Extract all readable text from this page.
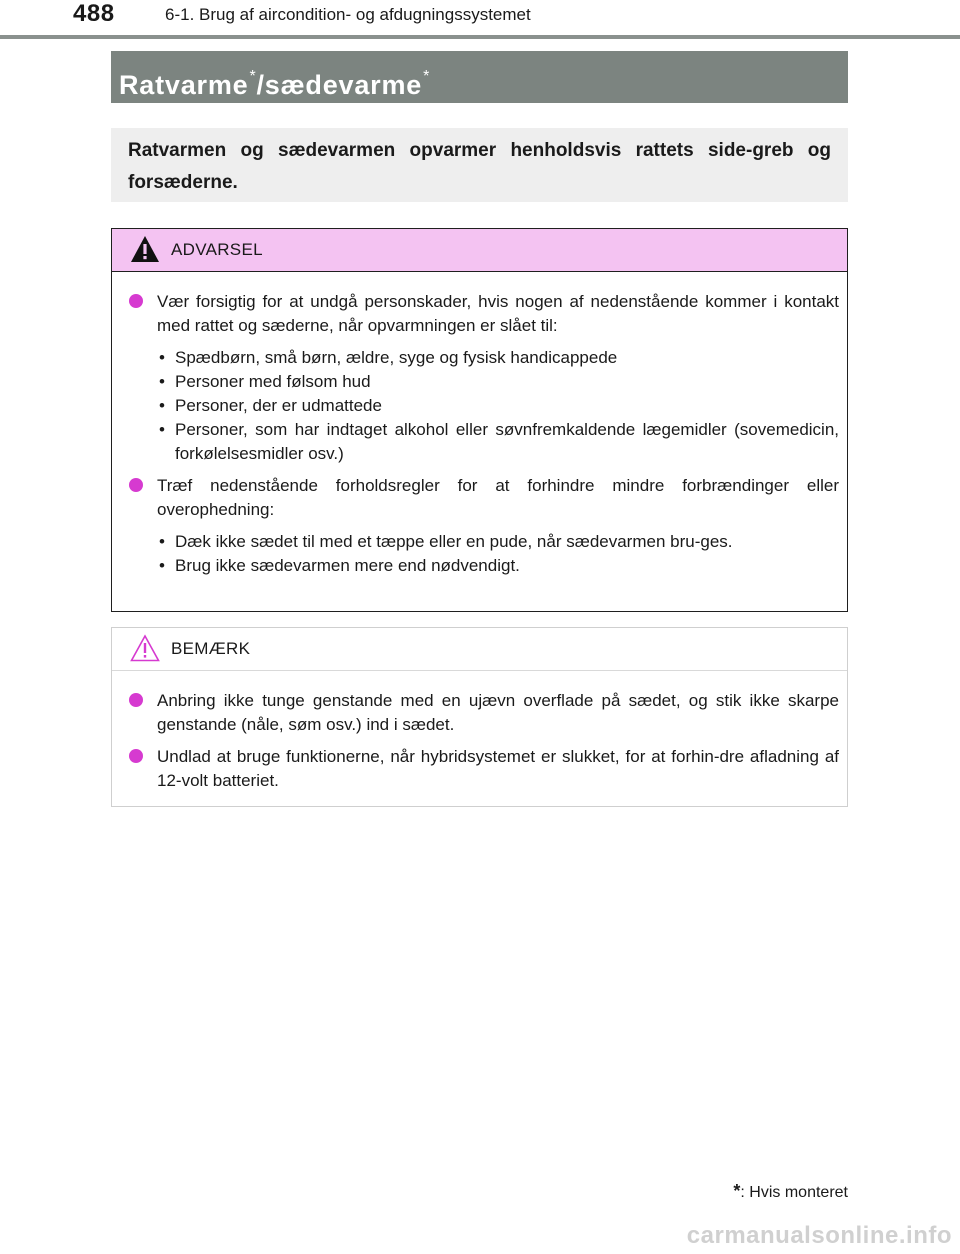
488	6-1. Brug af aircondition- og afdugningssystemet
Ratvarme*/sædevarme*
Ratvarmen og sædevarmen opvarmer henholdsvis rattets side-greb og forsæderne.
ADVARSEL
Vær forsigtig for at undgå personskader, hvis nogen af nedenstående kommer i kontakt med rattet og sæderne, når opvarmningen er slået til:
• Spædbørn, små børn, ældre, syge og fysisk handicappede
• Personer med følsom hud
• Personer, der er udmattede
• Personer, som har indtaget alkohol eller søvnfremkaldende lægemidler (sovemedicin, forkølelsesmidler osv.)
Træf nedenstående forholdsregler for at forhindre mindre forbrændinger eller overophedning:
• Dæk ikke sædet til med et tæppe eller en pude, når sædevarmen bru-ges.
• Brug ikke sædevarmen mere end nødvendigt.
BEMÆRK
Anbring ikke tunge genstande med en ujævn overflade på sædet, og stik ikke skarpe genstande (nåle, søm osv.) ind i sædet.
Undlad at bruge funktionerne, når hybridsystemet er slukket, for at forhin-dre afladning af 12-volt batteriet.
*: Hvis monteret
carmanualsonline.info
